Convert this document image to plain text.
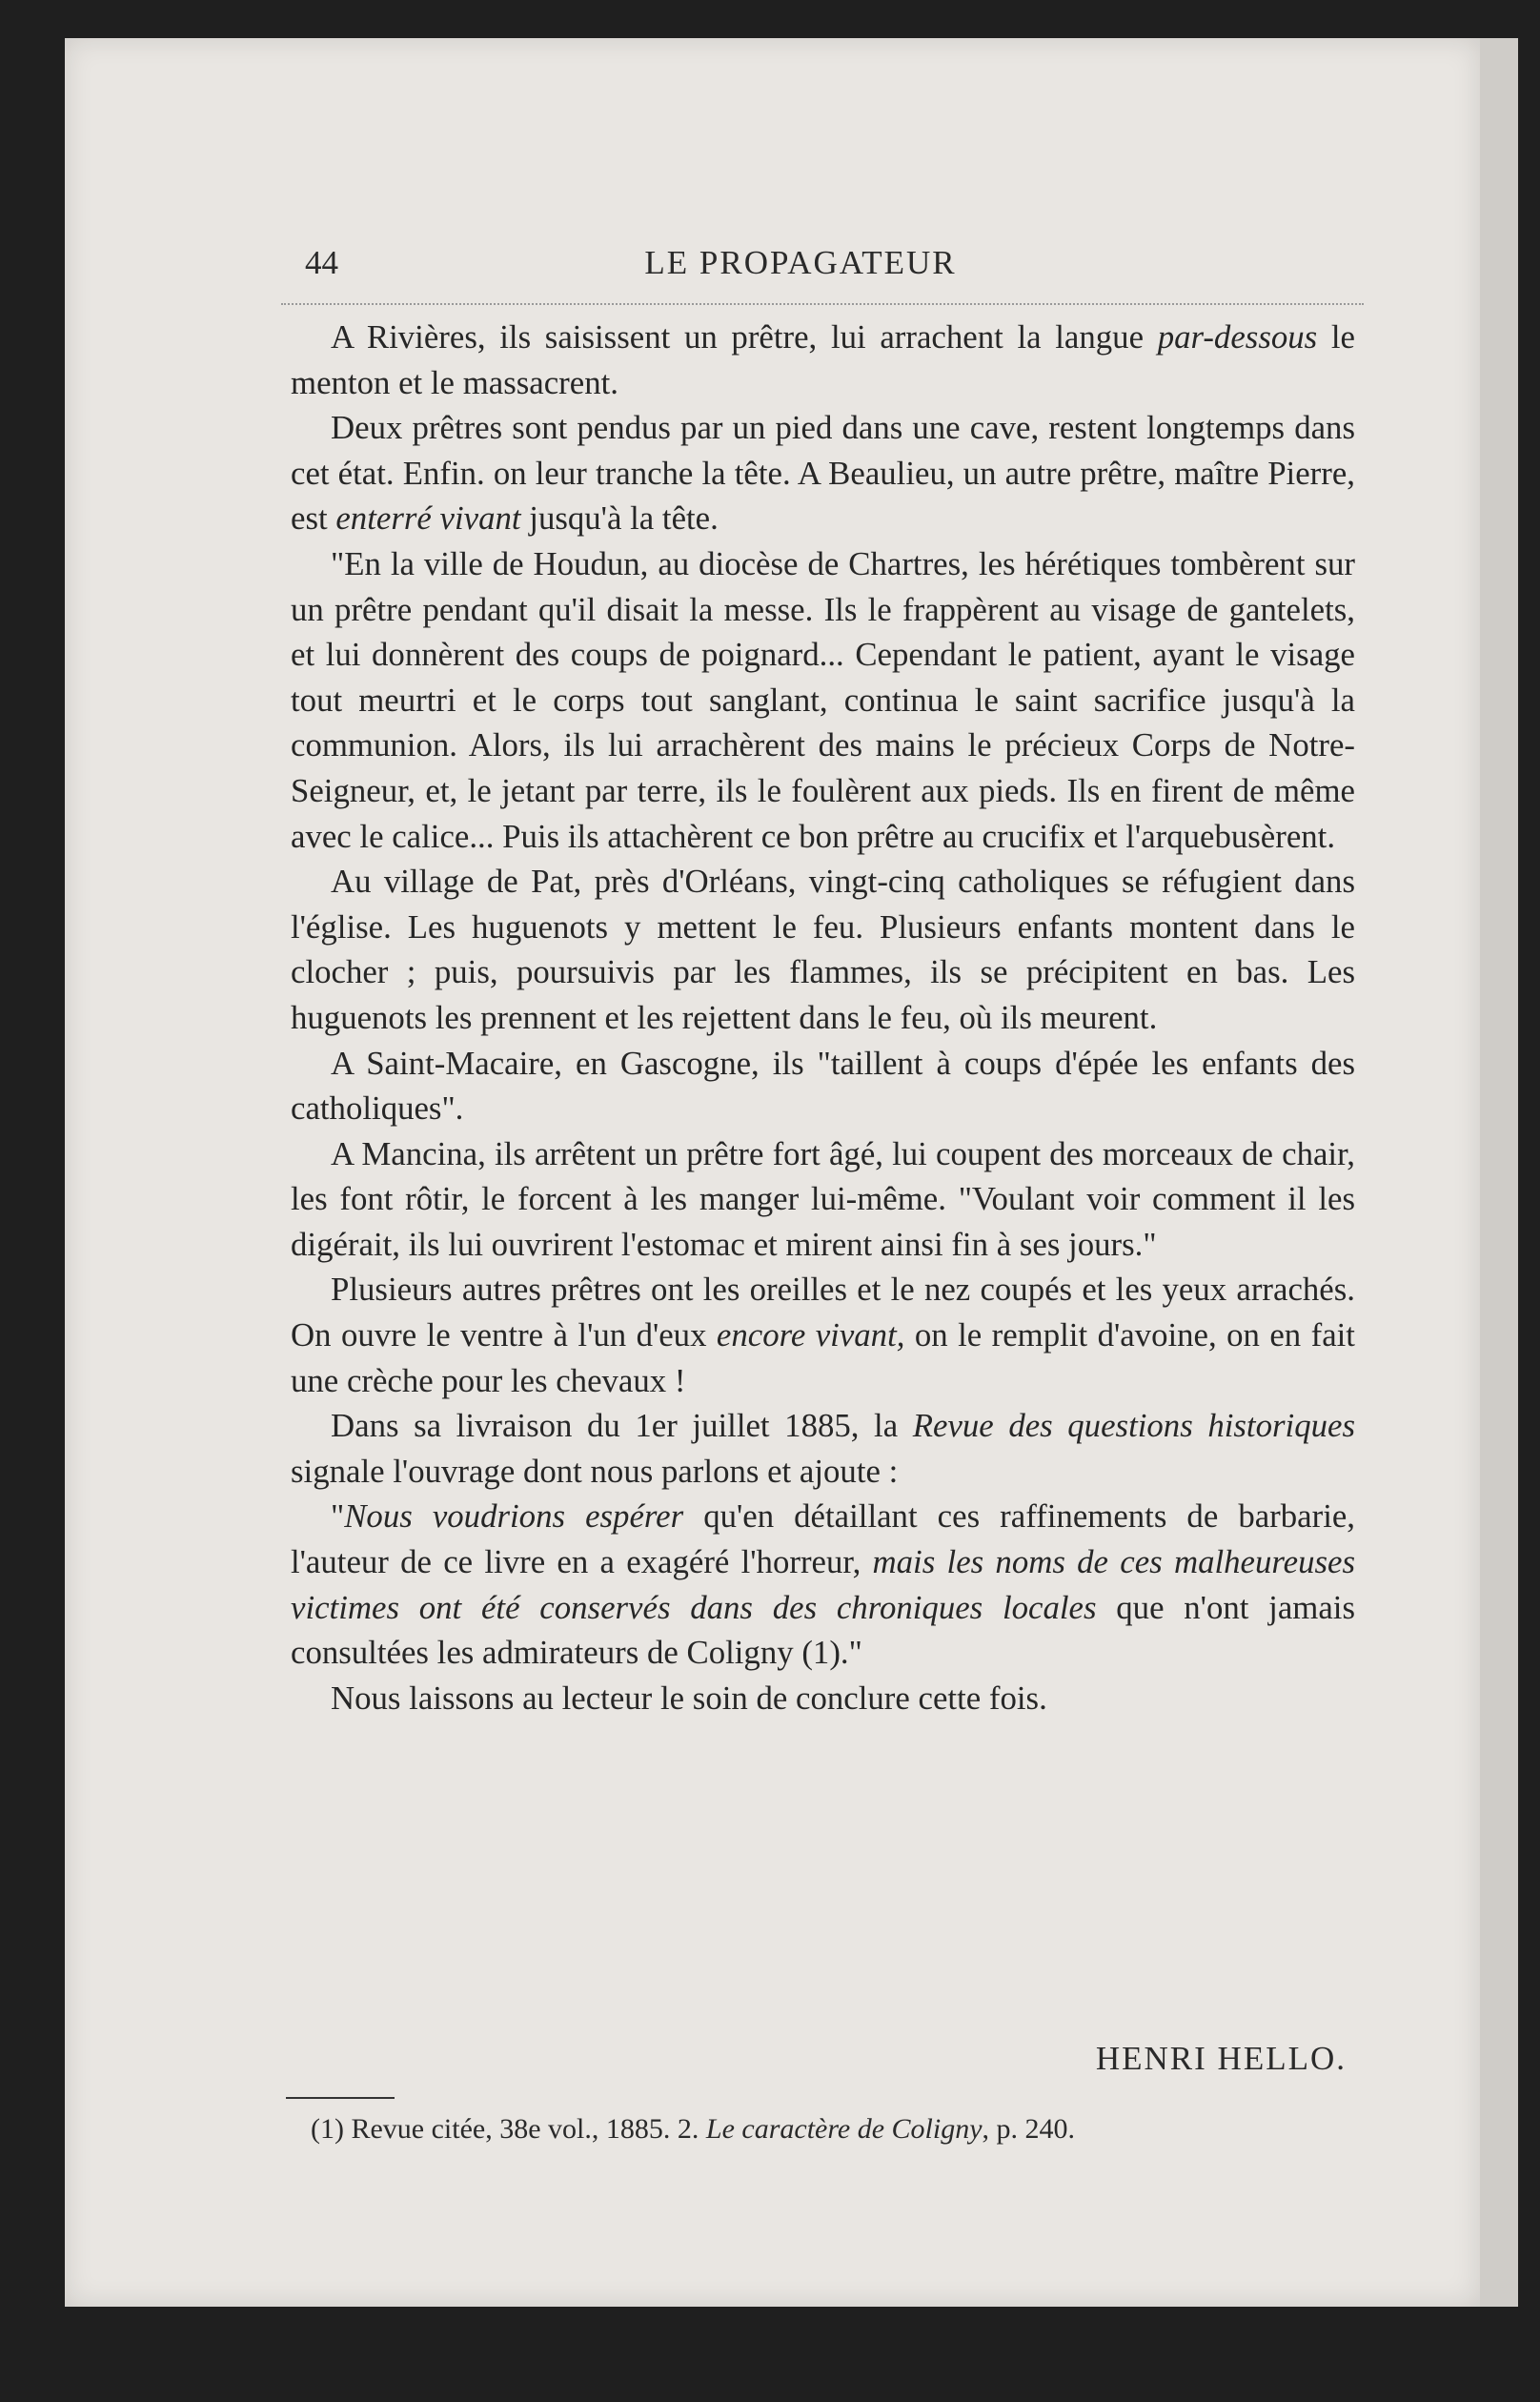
44	LE PROPAGATEUR

A Rivières, ils saisissent un prêtre, lui arrachent la langue par-dessous le menton et le massacrent.

Deux prêtres sont pendus par un pied dans une cave, restent longtemps dans cet état. Enfin. on leur tranche la tête. A Beaulieu, un autre prêtre, maître Pierre, est enterré vivant jusqu'à la tête.

"En la ville de Houdun, au diocèse de Chartres, les hérétiques tombèrent sur un prêtre pendant qu'il disait la messe. Ils le frappèrent au visage de gantelets, et lui donnèrent des coups de poignard... Cependant le patient, ayant le visage tout meurtri et le corps tout sanglant, continua le saint sacrifice jusqu'à la communion. Alors, ils lui arrachèrent des mains le précieux Corps de Notre-Seigneur, et, le jetant par terre, ils le foulèrent aux pieds. Ils en firent de même avec le calice... Puis ils attachèrent ce bon prêtre au crucifix et l'arquebusèrent.

Au village de Pat, près d'Orléans, vingt-cinq catholiques se réfugient dans l'église. Les huguenots y mettent le feu. Plusieurs enfants montent dans le clocher ; puis, poursuivis par les flammes, ils se précipitent en bas. Les huguenots les prennent et les rejettent dans le feu, où ils meurent.

A Saint-Macaire, en Gascogne, ils "taillent à coups d'épée les enfants des catholiques".

A Mancina, ils arrêtent un prêtre fort âgé, lui coupent des morceaux de chair, les font rôtir, le forcent à les manger lui-même. "Voulant voir comment il les digérait, ils lui ouvrirent l'estomac et mirent ainsi fin à ses jours."

Plusieurs autres prêtres ont les oreilles et le nez coupés et les yeux arrachés. On ouvre le ventre à l'un d'eux encore vivant, on le remplit d'avoine, on en fait une crèche pour les chevaux !

Dans sa livraison du 1er juillet 1885, la Revue des questions historiques signale l'ouvrage dont nous parlons et ajoute :

"Nous voudrions espérer qu'en détaillant ces raffinements de barbarie, l'auteur de ce livre en a exagéré l'horreur, mais les noms de ces malheureuses victimes ont été conservés dans des chroniques locales que n'ont jamais consultées les admirateurs de Coligny (1)."

Nous laissons au lecteur le soin de conclure cette fois.

HENRI HELLO.
(1) Revue citée, 38e vol., 1885. 2. Le caractère de Coligny, p. 240.
